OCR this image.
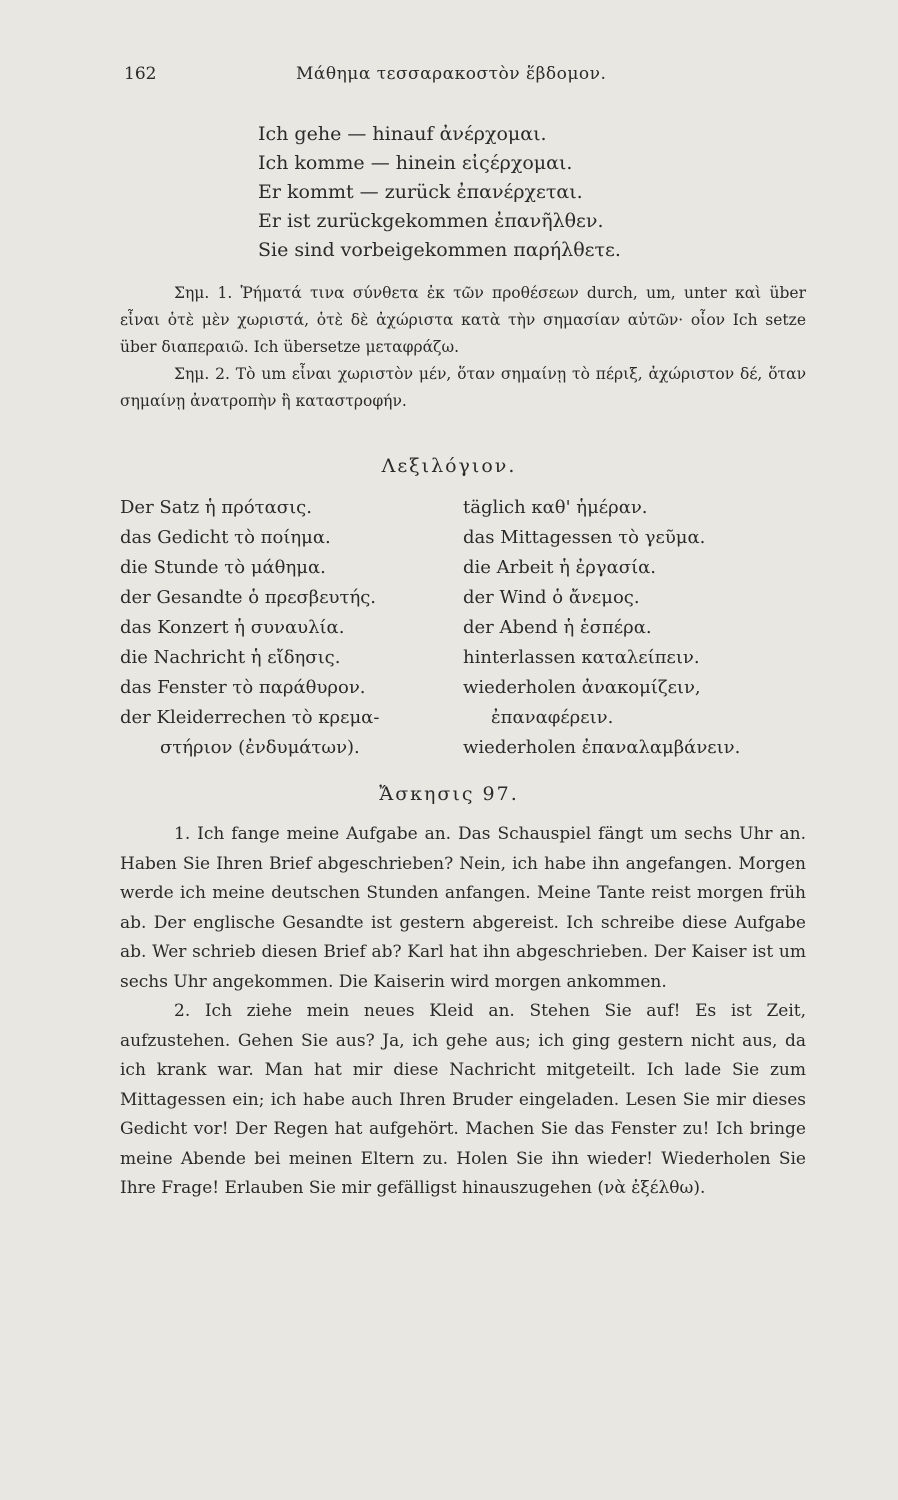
162	Μάθημα τεσσαρακοστὸν ἕβδομον.
Ich gehe — hinauf ἀνέρχομαι.
Ich komme — hinein εἰςέρχομαι.
Er kommt — zurück ἐπανέρχεται.
Er ist zurückgekommen ἐπανῆλθεν.
Sie sind vorbeigekommen παρήλθετε.

Σημ. 1. Ῥήματά τινα σύνθετα ἐκ τῶν προθέσεων durch, um, unter καὶ über εἶναι ὁτὲ μὲν χωριστά, ὁτὲ δὲ ἀχώριστα κατὰ τὴν σημασίαν αὐτῶν· οἷον Ich setze über διαπεραιῶ. Ich übersetze μεταφράζω.

Σημ. 2. Τὸ um εἶναι χωριστὸν μέν, ὅταν σημαίνῃ τὸ πέριξ, ἀχώριστον δέ, ὅταν σημαίνῃ ἀνατροπὴν ἢ καταστροφήν.

Λεξιλόγιον.
Der Satz ἡ πρότασις.
das Gedicht τὸ ποίημα.
die Stunde τὸ μάθημα.
der Gesandte ὁ πρεσβευτής.
das Konzert ἡ συναυλία.
die Nachricht ἡ εἴδησις.
das Fenster τὸ παράθυρον.
der Kleiderrechen τὸ κρεμα-
στήριον (ἐνδυμάτων).
täglich καθ' ἡμέραν.
das Mittagessen τὸ γεῦμα.
die Arbeit ἡ ἐργασία.
der Wind ὁ ἄνεμος.
der Abend ἡ ἑσπέρα.
hinterlassen καταλείπειν.
wiederholen ἀνακομίζειν,
ἐπαναφέρειν.
wiederholen ἐπαναλαμβάνειν.
Ἄσκησις 97.

1. Ich fange meine Aufgabe an. Das Schauspiel fängt um sechs Uhr an. Haben Sie Ihren Brief abgeschrieben? Nein, ich habe ihn angefangen. Morgen werde ich meine deutschen Stunden anfangen. Meine Tante reist morgen früh ab. Der englische Gesandte ist gestern abgereist. Ich schreibe diese Aufgabe ab. Wer schrieb diesen Brief ab? Karl hat ihn abgeschrieben. Der Kaiser ist um sechs Uhr angekommen. Die Kaiserin wird morgen ankommen.

2. Ich ziehe mein neues Kleid an. Stehen Sie auf! Es ist Zeit, aufzustehen. Gehen Sie aus? Ja, ich gehe aus; ich ging gestern nicht aus, da ich krank war. Man hat mir diese Nachricht mitgeteilt. Ich lade Sie zum Mittagessen ein; ich habe auch Ihren Bruder eingeladen. Lesen Sie mir dieses Gedicht vor! Der Regen hat aufgehört. Machen Sie das Fenster zu! Ich bringe meine Abende bei meinen Eltern zu. Holen Sie ihn wieder! Wiederholen Sie Ihre Frage! Erlauben Sie mir gefälligst hinauszugehen (νὰ ἐξέλθω).
